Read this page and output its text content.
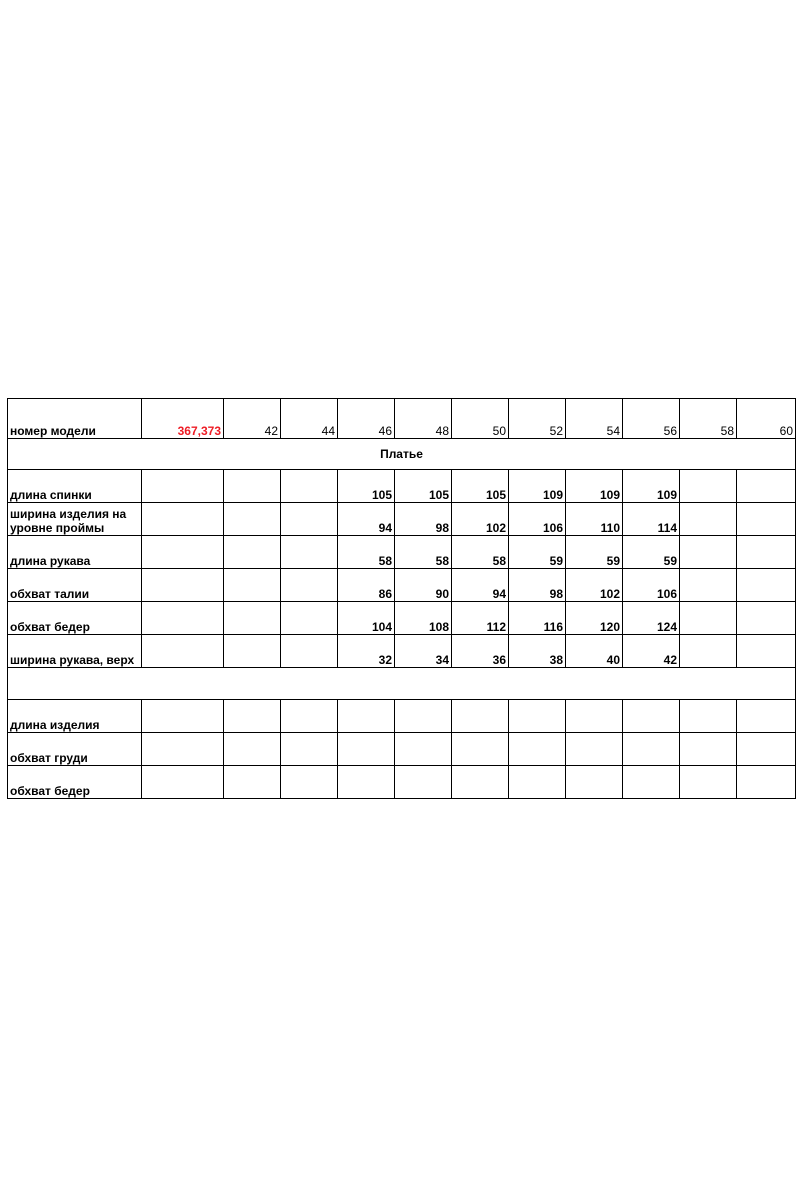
номер модели	367,373	42	44	46	48	50	52	54	56	58	60
Платье											
длина спинки				105	105	105	109	109	109		
ширина изделия на уровне проймы				94	98	102	106	110	114		
длина рукава				58	58	58	59	59	59		
обхват талии				86	90	94	98	102	106		
обхват бедер				104	108	112	116	120	124		
ширина рукава, верх				32	34	36	38	40	42		

длина изделия											
обхват груди											
обхват бедер											
